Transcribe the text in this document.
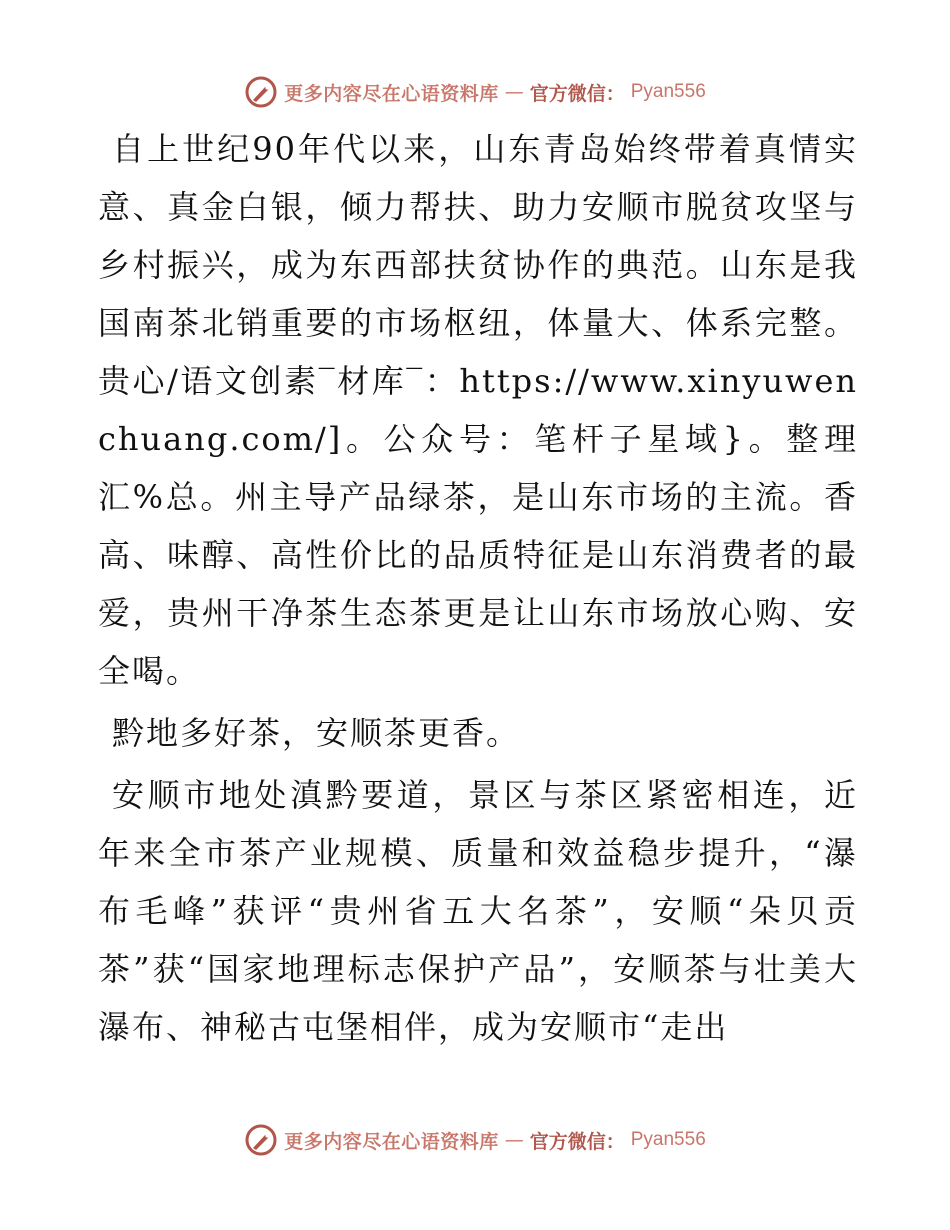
更多内容尽在心语资料库 — 官方微信： Pyan556

自上世纪90年代以来，山东青岛始终带着真情实意、真金白银，倾力帮扶、助力安顺市脱贫攻坚与乡村振兴，成为东西部扶贫协作的典范。山东是我国南茶北销重要的市场枢纽，体量大、体系完整。贵心/语文创素‾材库‾：https://www.xinyuwenchuang.com/]。公众号：笔杆子星域}。整理汇%总。州主导产品绿茶，是山东市场的主流。香高、味醇、高性价比的品质特征是山东消费者的最爱，贵州干净茶生态茶更是让山东市场放心购、安全喝。

黔地多好茶，安顺茶更香。

安顺市地处滇黔要道，景区与茶区紧密相连，近年来全市茶产业规模、质量和效益稳步提升，“瀑布毛峰”获评“贵州省五大名茶”，安顺“朵贝贡茶”获“国家地理标志保护产品”，安顺茶与壮美大瀑布、神秘古屯堡相伴，成为安顺市“走出

更多内容尽在心语资料库 — 官方微信： Pyan556
